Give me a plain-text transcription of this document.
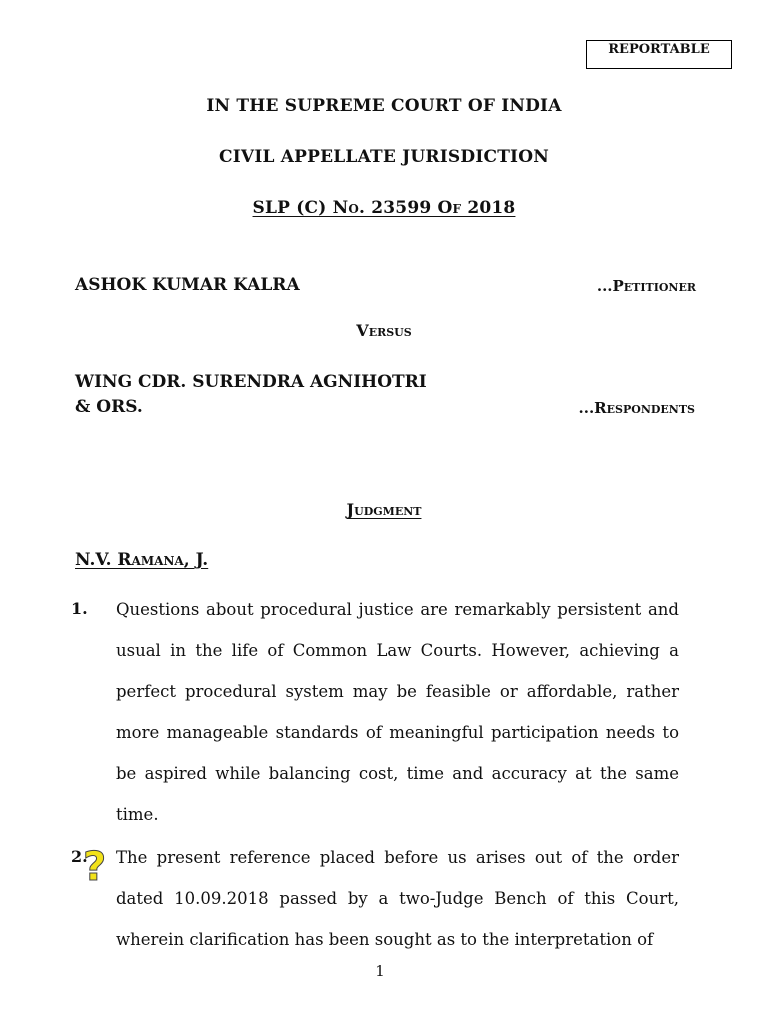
REPORTABLE
IN THE SUPREME COURT OF INDIA
CIVIL APPELLATE JURISDICTION
SLP (C) No. 23599 Of 2018
ASHOK KUMAR KALRA	...Petitioner
Versus
WING CDR. SURENDRA AGNIHOTRI
& ORS.	...Respondents
Judgment
N.V. Ramana, J.
1. Questions about procedural justice are remarkably persistent and usual in the life of Common Law Courts. However, achieving a perfect procedural system may be feasible or affordable, rather more manageable standards of meaningful participation needs to be aspired while balancing cost, time and accuracy at the same time.

2.
? The present reference placed before us arises out of the order dated 10.09.2018 passed by a two-Judge Bench of this Court, wherein clarification has been sought as to the interpretation of

1
